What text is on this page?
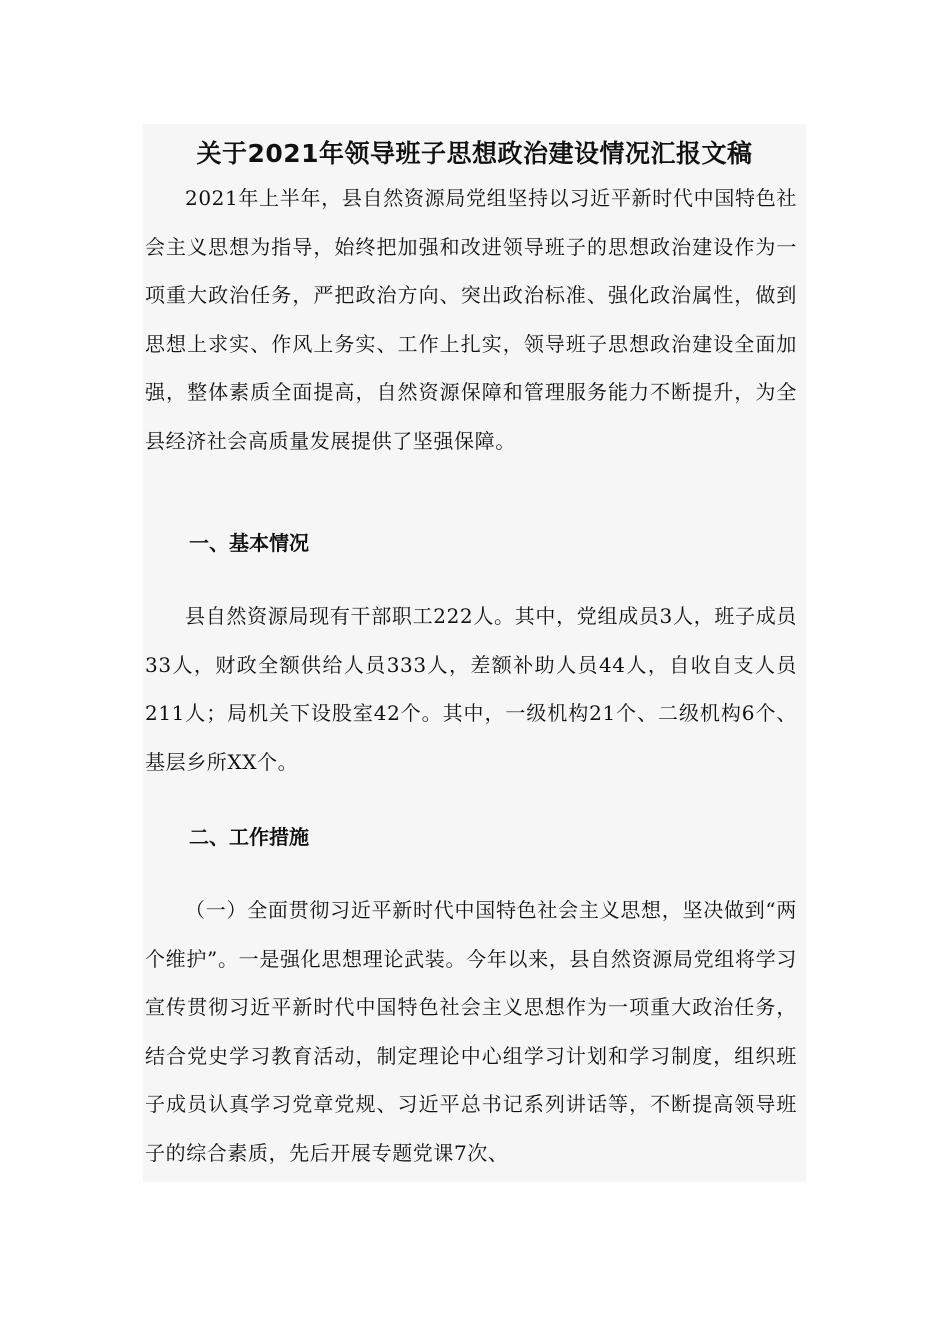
关于2021年领导班子思想政治建设情况汇报文稿

2021年上半年，县自然资源局党组坚持以习近平新时代中国特色社会主义思想为指导，始终把加强和改进领导班子的思想政治建设作为一项重大政治任务，严把政治方向、突出政治标准、强化政治属性，做到思想上求实、作风上务实、工作上扎实，领导班子思想政治建设全面加强，整体素质全面提高，自然资源保障和管理服务能力不断提升，为全县经济社会高质量发展提供了坚强保障。

一、基本情况

县自然资源局现有干部职工222人。其中，党组成员3人，班子成员33人，财政全额供给人员333人，差额补助人员44人，自收自支人员211人；局机关下设股室42个。其中，一级机构21个、二级机构6个、基层乡所XX个。

二、工作措施

（一）全面贯彻习近平新时代中国特色社会主义思想，坚决做到“两个维护”。一是强化思想理论武装。今年以来，县自然资源局党组将学习宣传贯彻习近平新时代中国特色社会主义思想作为一项重大政治任务，结合党史学习教育活动，制定理论中心组学习计划和学习制度，组织班子成员认真学习党章党规、习近平总书记系列讲话等，不断提高领导班子的综合素质，先后开展专题党课7次、
